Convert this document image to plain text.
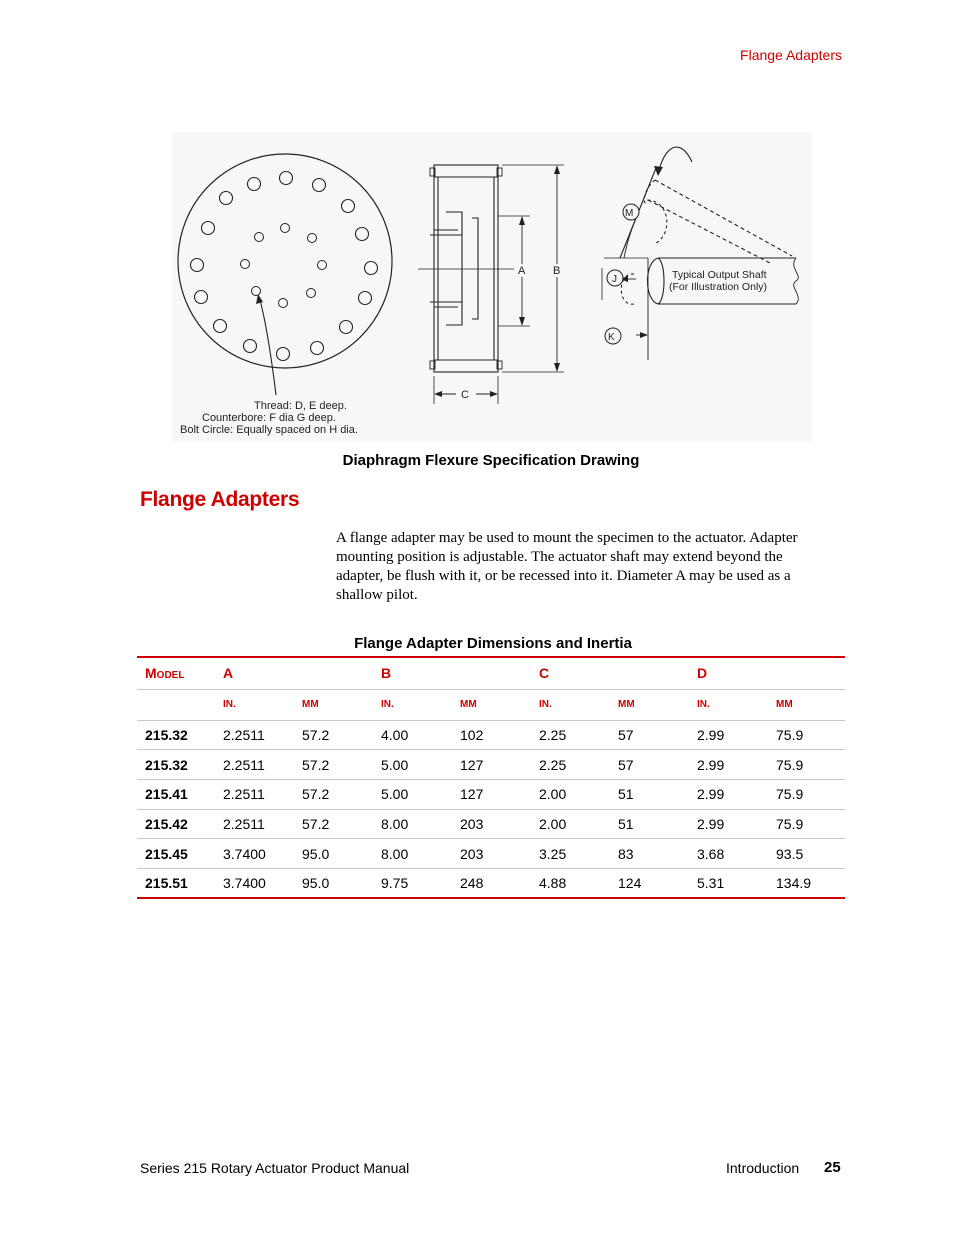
Flange Adapters
Thread: D, E deep.
Counterbore: F dia G deep.
Bolt Circle: Equally spaced on H dia.
A	B
C
M
J
K
Typical Output Shaft
(For Illustration Only)
Diaphragm Flexure Specification Drawing
Flange Adapters

A flange adapter may be used to mount the specimen to the actuator. Adapter mounting position is adjustable. The actuator shaft may extend beyond the adapter, be flush with it, or be recessed into it. Diameter A may be used as a shallow pilot.

Flange Adapter Dimensions and Inertia
MODEL	A		B		C		D	
	IN.	MM	IN.	MM	IN.	MM	IN.	MM
215.32	2.2511	57.2	4.00	102	2.25	57	2.99	75.9
215.32	2.2511	57.2	5.00	127	2.25	57	2.99	75.9
215.41	2.2511	57.2	5.00	127	2.00	51	2.99	75.9
215.42	2.2511	57.2	8.00	203	2.00	51	2.99	75.9
215.45	3.7400	95.0	8.00	203	3.25	83	3.68	93.5
215.51	3.7400	95.0	9.75	248	4.88	124	5.31	134.9
Series 215 Rotary Actuator Product Manual	Introduction 25
